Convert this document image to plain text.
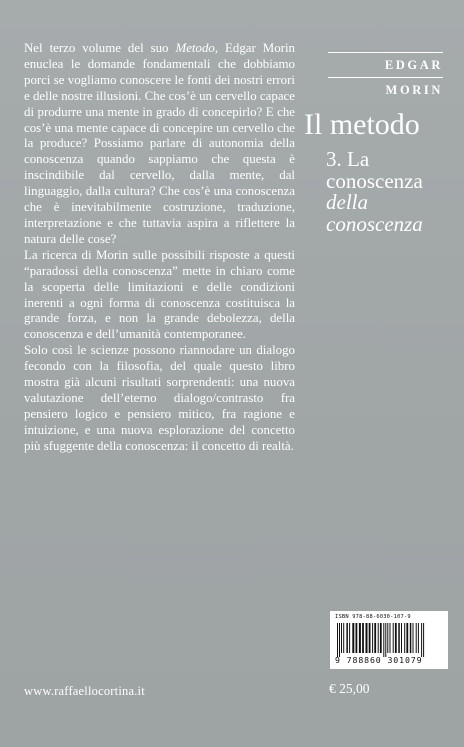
Nel terzo volume del suo Metodo, Edgar Morin enuclea le domande fondamentali che dobbiamo porci se vogliamo conoscere le fonti dei nostri errori e delle nostre illusioni. Che cos’è un cervello capace di produrre una mente in grado di concepirlo? E che cos’è una mente capace di concepire un cervello che la produce? Possiamo parlare di autonomia della conoscenza quando sappiamo che questa è inscindibile dal cervello, dalla mente, dal linguaggio, dalla cultura? Che cos’è una conoscenza che è inevitabilmente costruzione, traduzione, interpretazione e che tuttavia aspira a riflettere la natura delle cose?

La ricerca di Morin sulle possibili risposte a questi “paradossi della conoscenza” mette in chiaro come la scoperta delle limitazioni e delle condizioni inerenti a ogni forma di conoscenza costituisca la grande forza, e non la grande debolezza, della conoscenza e dell’umanità contemporanee.

Solo così le scienze possono riannodare un dialogo fecondo con la filosofia, del quale questo libro mostra già alcuni risultati sorprendenti: una nuova valutazione dell’eterno dialogo/contrasto fra pensiero logico e pensiero mitico, fra ragione e intuizione, e una nuova esplorazione del concetto più sfuggente della conoscenza: il concetto di realtà.

EDGAR
MORIN
Il metodo
3. La
conoscenza
della
conoscenza
ISBN 978-88-6030-107-9
9 788860 301079
www.raffaellocortina.it	€ 25,00
